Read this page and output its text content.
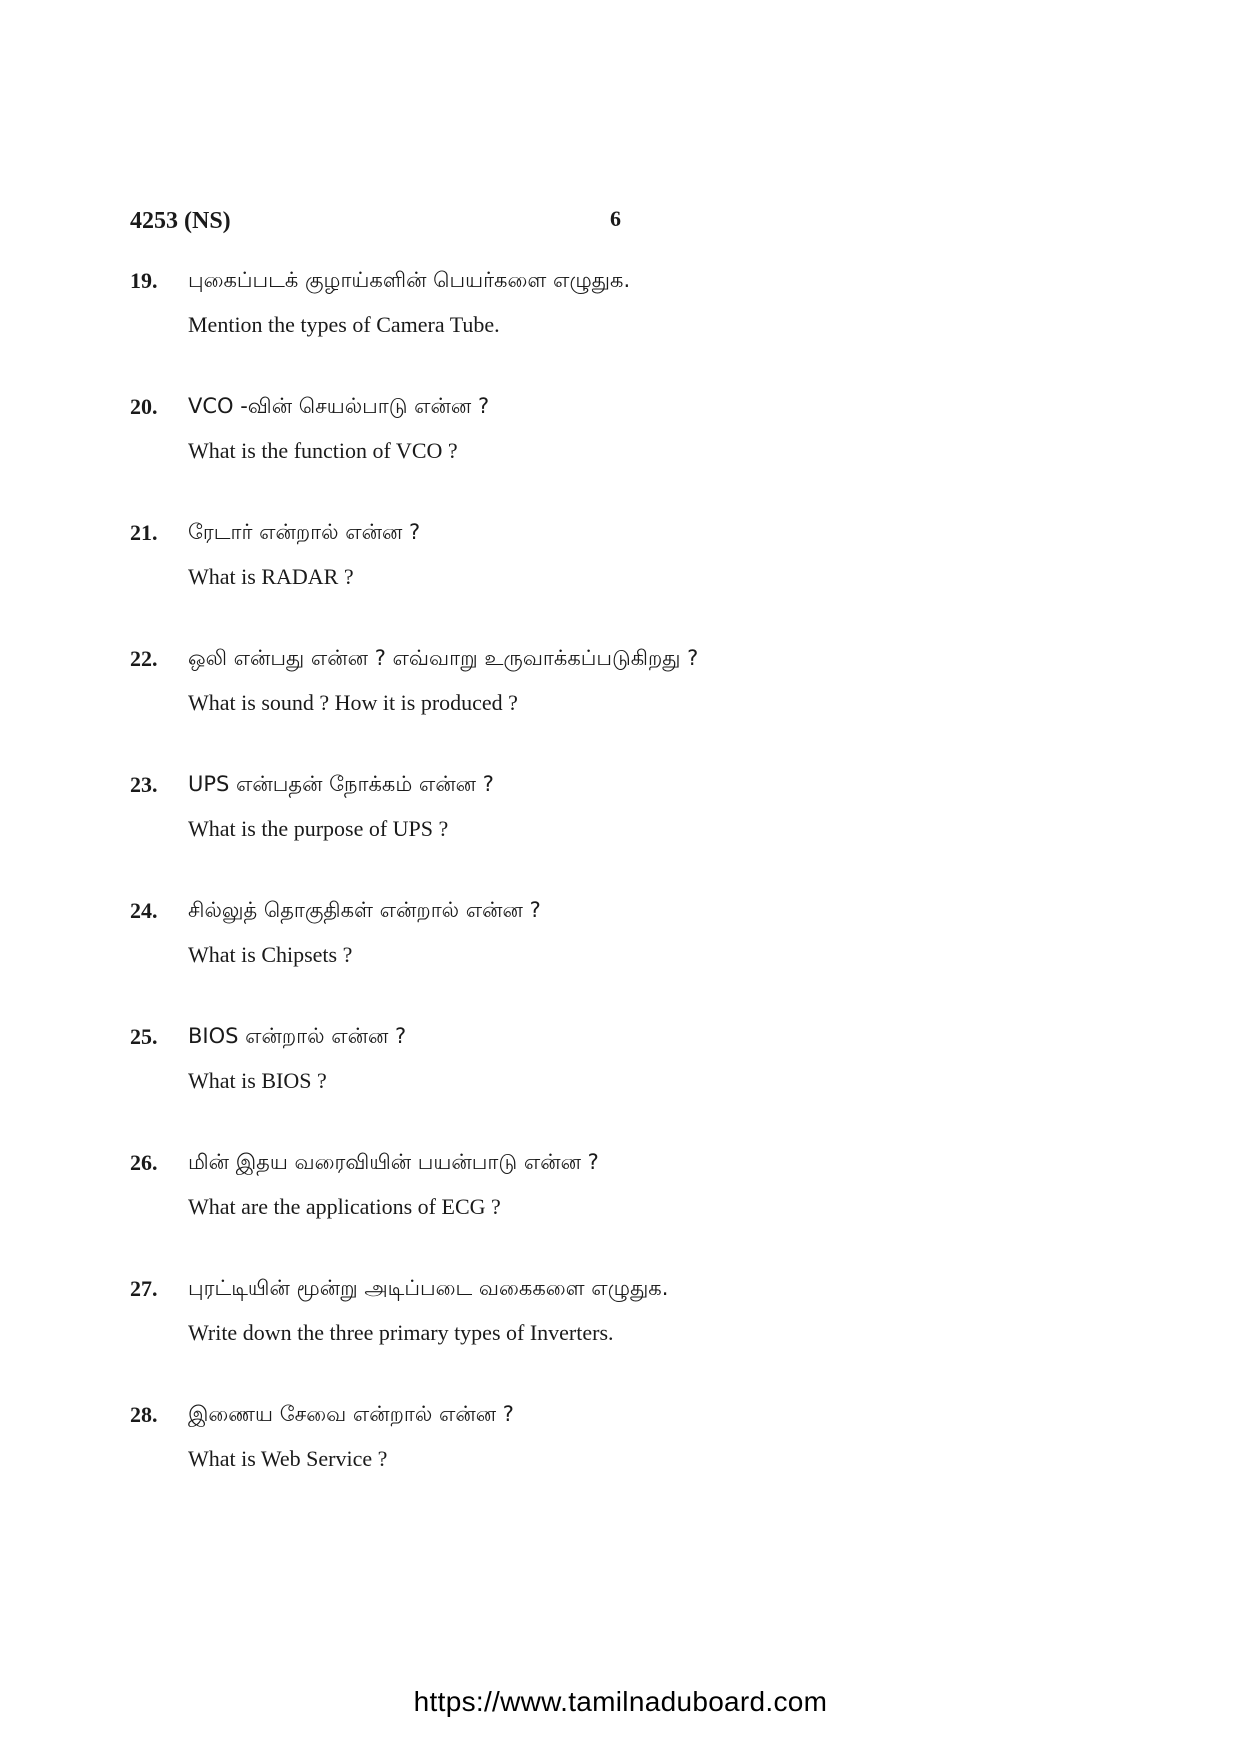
4253 (NS)	6
19. புகைப்படக் குழாய்களின் பெயர்களை எழுதுக.
Mention the types of Camera Tube.
20. VCO -வின் செயல்பாடு என்ன ?
What is the function of VCO ?
21. ரேடார் என்றால் என்ன ?
What is RADAR ?
22. ஒலி என்பது என்ன ? எவ்வாறு உருவாக்கப்படுகிறது ?
What is sound ? How it is produced ?
23. UPS என்பதன் நோக்கம் என்ன ?
What is the purpose of UPS ?
24. சில்லுத் தொகுதிகள் என்றால் என்ன ?
What is Chipsets ?
25. BIOS என்றால் என்ன ?
What is BIOS ?
26. மின் இதய வரைவியின் பயன்பாடு என்ன ?
What are the applications of ECG ?
27. புரட்டியின் மூன்று அடிப்படை வகைகளை எழுதுக.
Write down the three primary types of Inverters.
28. இணைய சேவை என்றால் என்ன ?
What is Web Service ?
https://www.tamilnaduboard.com
